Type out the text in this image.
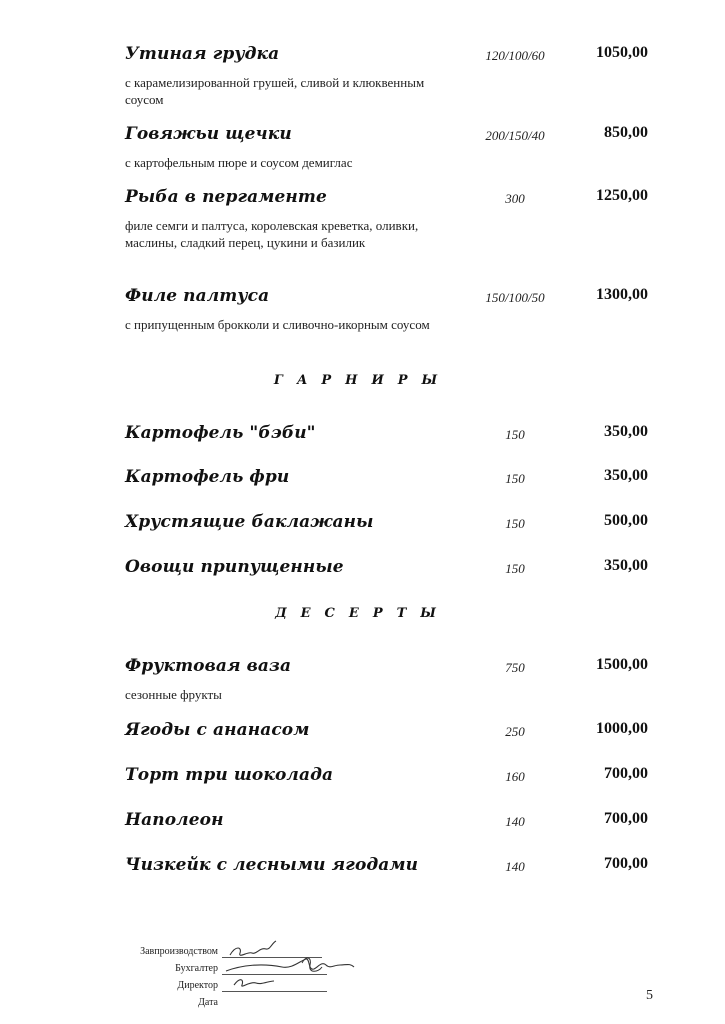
Утиная грудка	120/100/60	1050,00
с карамелизированной грушей, сливой и клюквенным соусом
Говяжьи щечки	200/150/40	850,00
с картофельным пюре и соусом демиглас
Рыба в пергаменте	300	1250,00
филе семги и палтуса, королевская креветка, оливки, маслины, сладкий перец, цукини и базилик
Филе палтуса	150/100/50	1300,00
с припущенным брокколи и сливочно-икорным соусом
ГАРНИРЫ
Картофель "бэби"	150	350,00
Картофель фри	150	350,00
Хрустящие баклажаны	150	500,00
Овощи припущенные	150	350,00
ДЕСЕРТЫ
Фруктовая ваза	750	1500,00
сезонные фрукты
Ягоды с ананасом	250	1000,00
Торт три шоколада	160	700,00
Наполеон	140	700,00
Чизкейк с лесными ягодами	140	700,00
Завпроизводством
Бухгалтер
Директор
Дата	5
